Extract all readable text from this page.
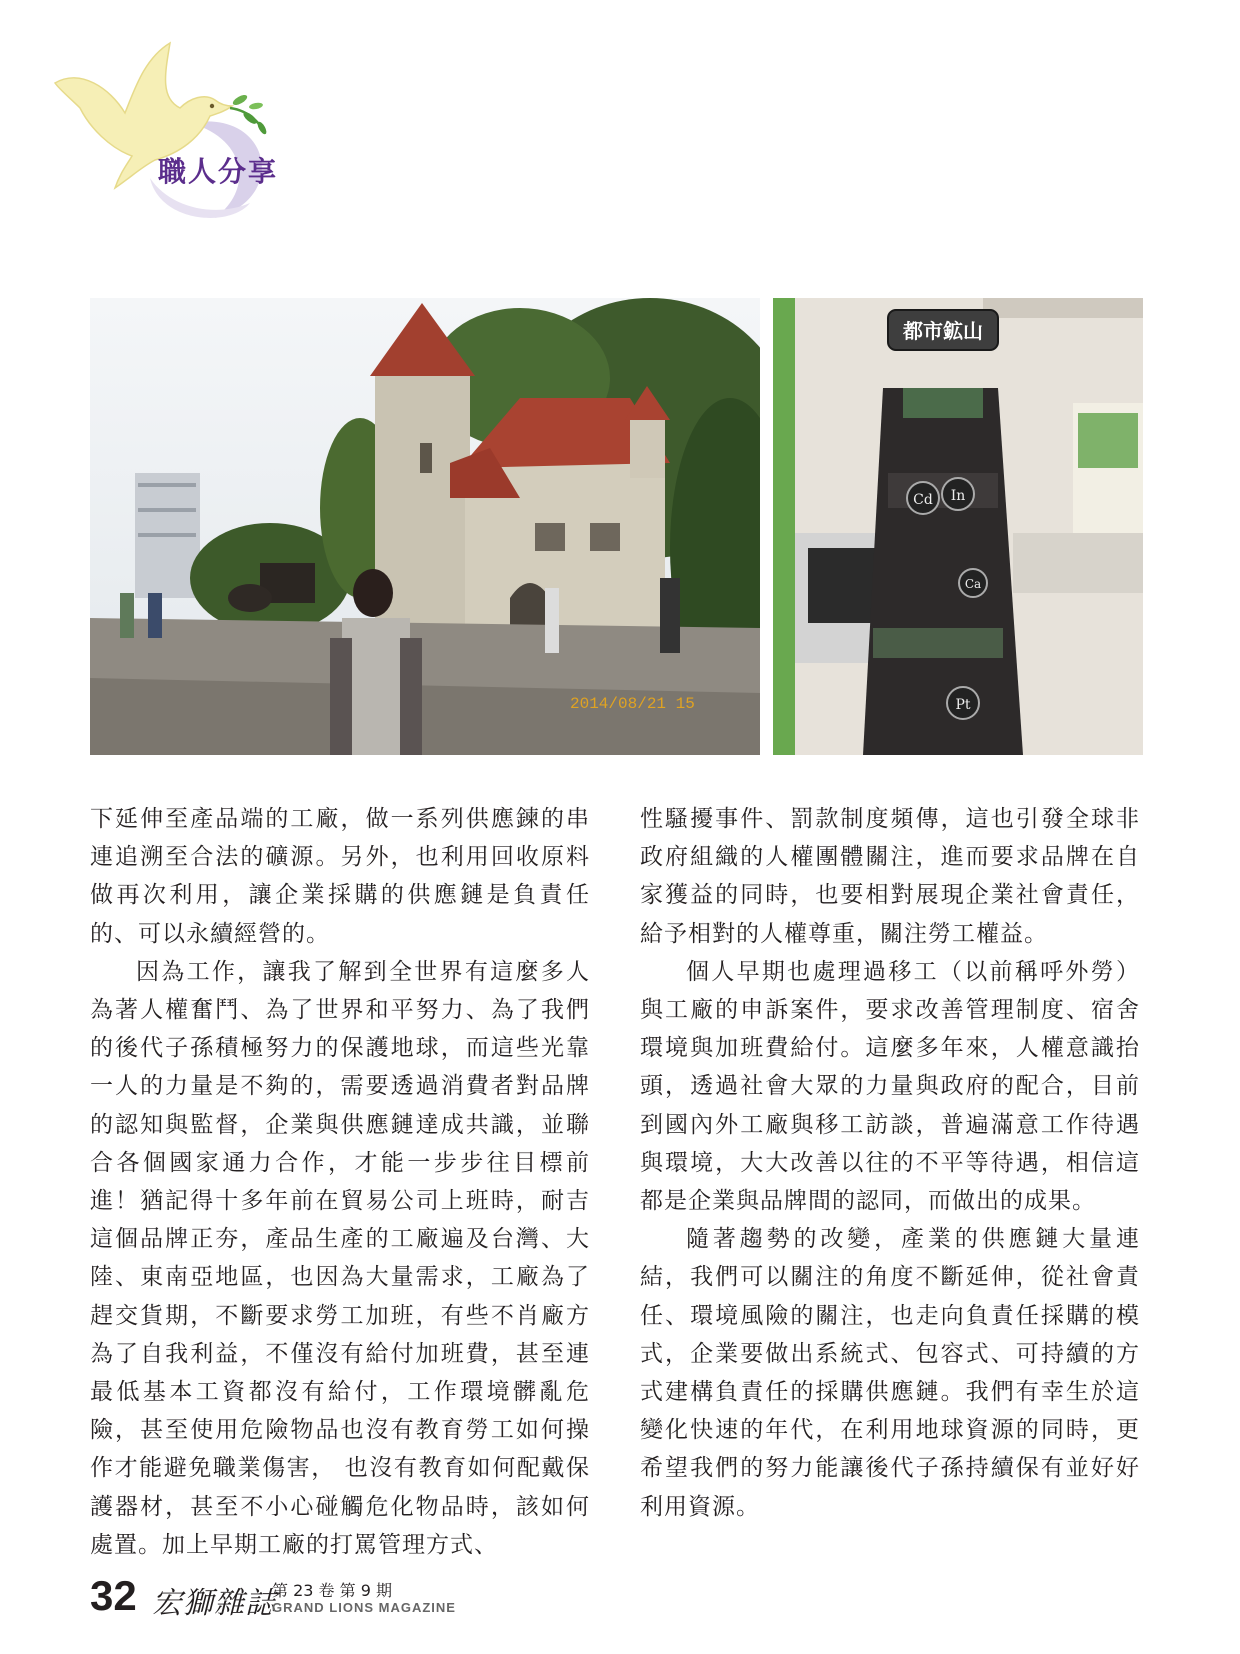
職人分享
2014/08/21 15
都市鉱山
Cd In
Ca
Pt

下延伸至產品端的工廠，做一系列供應鍊的串連追溯至合法的礦源。另外，也利用回收原料做再次利用，讓企業採購的供應鏈是負責任的、可以永續經營的。

因為工作，讓我了解到全世界有這麼多人為著人權奮鬥、為了世界和平努力、為了我們的後代子孫積極努力的保護地球，而這些光靠一人的力量是不夠的，需要透過消費者對品牌的認知與監督，企業與供應鏈達成共識，並聯合各個國家通力合作，才能一步步往目標前進！猶記得十多年前在貿易公司上班時，耐吉這個品牌正夯，產品生產的工廠遍及台灣、大陸、東南亞地區，也因為大量需求，工廠為了趕交貨期，不斷要求勞工加班，有些不肖廠方為了自我利益，不僅沒有給付加班費，甚至連最低基本工資都沒有給付，工作環境髒亂危險，甚至使用危險物品也沒有教育勞工如何操作才能避免職業傷害， 也沒有教育如何配戴保護器材，甚至不小心碰觸危化物品時，該如何處置。加上早期工廠的打罵管理方式、

性騷擾事件、罰款制度頻傳，這也引發全球非政府組織的人權團體關注，進而要求品牌在自家獲益的同時，也要相對展現企業社會責任，給予相對的人權尊重，關注勞工權益。

個人早期也處理過移工（以前稱呼外勞）與工廠的申訴案件，要求改善管理制度、宿舍環境與加班費給付。這麼多年來，人權意識抬頭，透過社會大眾的力量與政府的配合，目前到國內外工廠與移工訪談，普遍滿意工作待遇與環境，大大改善以往的不平等待遇，相信這都是企業與品牌間的認同，而做出的成果。

隨著趨勢的改變，產業的供應鏈大量連結，我們可以關注的角度不斷延伸，從社會責任、環境風險的關注，也走向負責任採購的模式，企業要做出系統式、包容式、可持續的方式建構負責任的採購供應鏈。我們有幸生於這變化快速的年代，在利用地球資源的同時，更希望我們的努力能讓後代子孫持續保有並好好利用資源。

32 宏獅雜誌
第 23 卷 第 9 期
GRAND LIONS MAGAZINE
